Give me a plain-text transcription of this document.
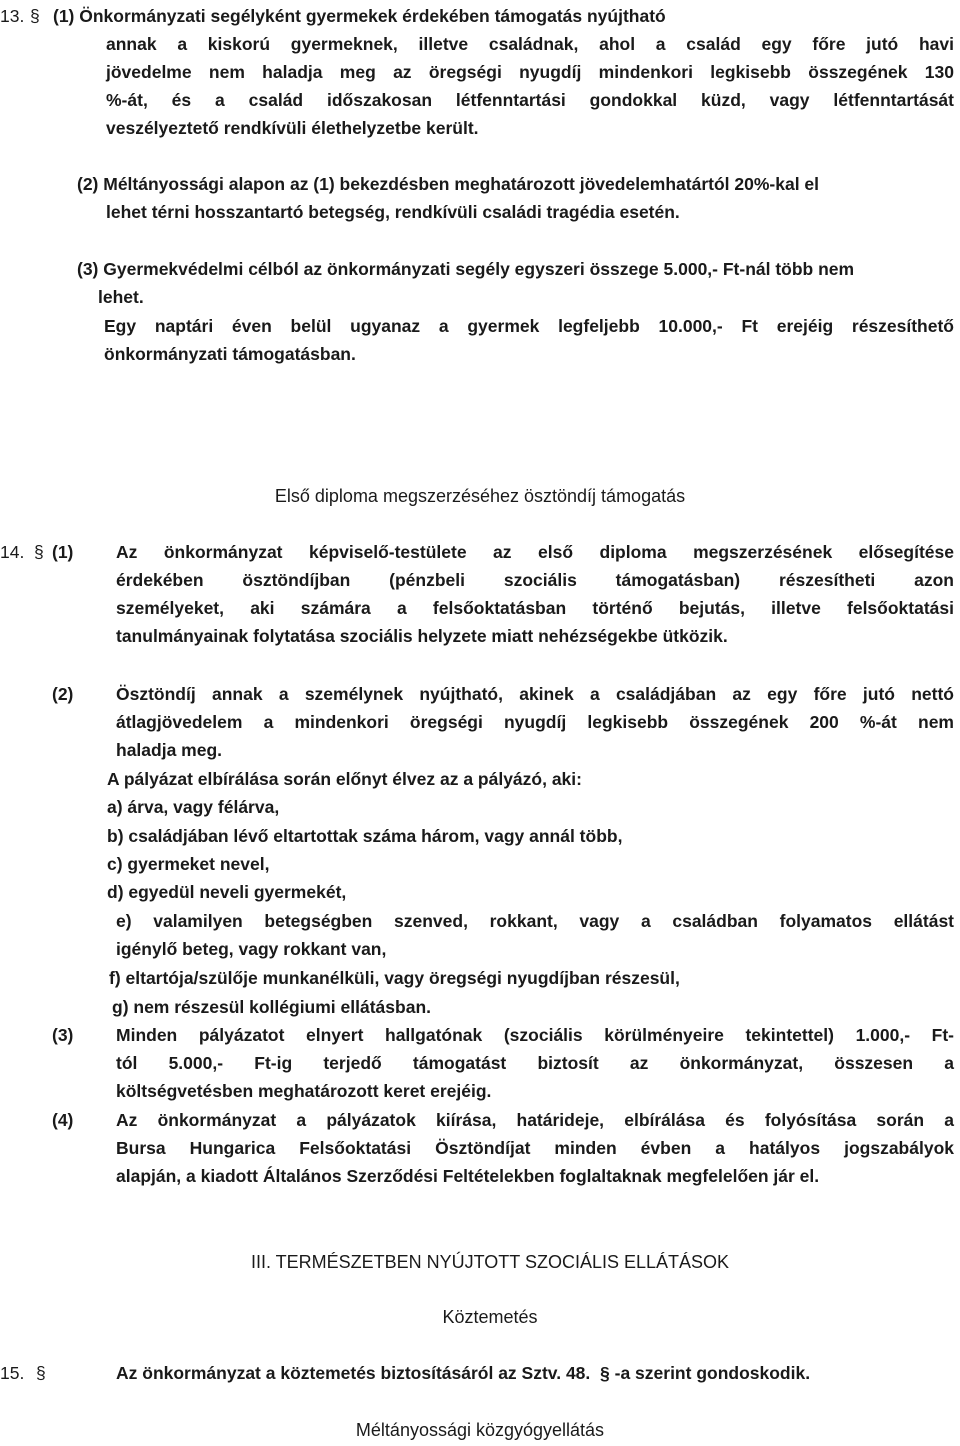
13. § (1) Önkormányzati segélyként gyermekek érdekében támogatás nyújtható
annak a kiskorú gyermeknek, illetve családnak, ahol a család egy főre jutó havi
jövedelme nem haladja meg az öregségi nyugdíj mindenkori legkisebb összegének 130
%-át, és a család időszakosan létfenntartási gondokkal küzd, vagy létfenntartását
veszélyeztető rendkívüli élethelyzetbe került.
(2) Méltányossági alapon az (1) bekezdésben meghatározott jövedelemhatártól 20%-kal el
lehet térni hosszantartó betegség, rendkívüli családi tragédia esetén.
(3) Gyermekvédelmi célból az önkormányzati segély egyszeri összege 5.000,- Ft-nál több nem
lehet.
Egy naptári éven belül ugyanaz a gyermek legfeljebb 10.000,- Ft erejéig részesíthető
önkormányzati támogatásban.
Első diploma megszerzéséhez ösztöndíj támogatás
14. § (1) Az önkormányzat képviselő-testülete az első diploma megszerzésének elősegítése
érdekében ösztöndíjban (pénzbeli szociális támogatásban) részesítheti azon
személyeket, aki számára a felsőoktatásban történő bejutás, illetve felsőoktatási
tanulmányainak folytatása szociális helyzete miatt nehézségekbe ütközik.
(2) Ösztöndíj annak a személynek nyújtható, akinek a családjában az egy főre jutó nettó
átlagjövedelem a mindenkori öregségi nyugdíj legkisebb összegének 200 %-át nem
haladja meg.
A pályázat elbírálása során előnyt élvez az a pályázó, aki:
a) árva, vagy félárva,
b) családjában lévő eltartottak száma három, vagy annál több,
c) gyermeket nevel,
d) egyedül neveli gyermekét,
e) valamilyen betegségben szenved, rokkant, vagy a családban folyamatos ellátást
igénylő beteg, vagy rokkant van,
f) eltartója/szülője munkanélküli, vagy öregségi nyugdíjban részesül,
g) nem részesül kollégiumi ellátásban.
(3) Minden pályázatot elnyert hallgatónak (szociális körülményeire tekintettel) 1.000,- Ft-
tól 5.000,- Ft-ig terjedő támogatást biztosít az önkormányzat, összesen a
költségvetésben meghatározott keret erejéig.
(4) Az önkormányzat a pályázatok kiírása, határideje, elbírálása és folyósítása során a
Bursa Hungarica Felsőoktatási Ösztöndíjat minden évben a hatályos jogszabályok
alapján, a kiadott Általános Szerződési Feltételekben foglaltaknak megfelelően jár el.
III. TERMÉSZETBEN NYÚJTOTT SZOCIÁLIS ELLÁTÁSOK
Köztemetés
15. §	Az önkormányzat a köztemetés biztosításáról az Sztv. 48. § -a szerint gondoskodik.
Méltányossági közgyógyellátás
